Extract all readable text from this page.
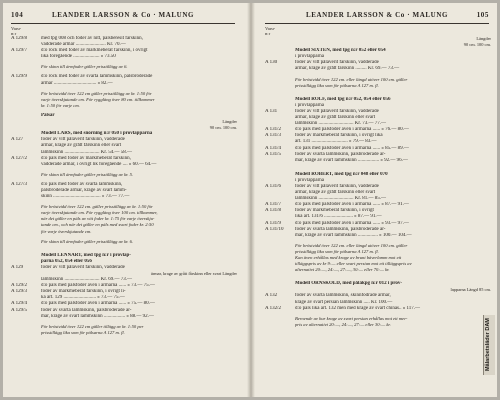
104	LEANDER LARSSON & Co · MALUNG
Varu-
n:r
A 129/8	med tpg 008 och foder av nitt, pälsberesit färskinn,
vadderade ärmar ........................ Kr. 70.—
A 129/7	d:o rock med foder av märkmeberat färskinn, i övrigt
lika föregående ..................... » 73.50
För skinn till ärmfoder gäller prisstillägg av 6.
A 129/9	d:o rock med foder av svarta lammskinn, pälsbroderade
ärmar .................................. » 82.—
För bröstvidd över 122 cm gäller prisstillägg av kr. 1:50 för
varje överskjutande cm. För ryggläng över 80 cm. tillkommer
kr. 1:50 för varje cm.
Pälsar
Längder
90 cm. 100 cm.
Modell LARS, med snörning n:r 050 i provlapparna
A 127	foder av vitt påläverit färskinn, vadderade
ärmar, krage av grått fårskinn eller svart
lammskinn ............................ Kr. 54.— 58.—
A 127/2	d:o päls med foder av märkmeberat färskinn,
vadderade ärmar, i övrigt lik föregående .... » 60.— 64.—
För skinn till ärmfoder gäller prisstillägg av kr. 5.
A 127/3	d:o päls med foder av svarta lammskinn,
pälsbroderade ärmar, krage av svart lamm-
skinn ...................................... » 73.— 77.—
För bröstvidd över 122 cm. gäller prisstillägg av kr. 1:50 för
varje överskjutande cm. För ryggläng över 100 cm. tillkommer,
när det gäller en päls av vitt foder kr. 1:75 för varje överskju-
tande cm., och när det gäller en päls med svart foder kr. 2:50
för varje överskjutande cm.
För skinn till ärmfoder gäller prisstillägg av kr. 6.
Modell LENNART, med tpg n:r i provlap-
parna 052, 054 eller 056
A 129	foder av vitt påläverit färskinn, vadderade
ärmar, krage av grått fårskinn eller svart Längder
lammskinn ............................ Kr. 69.— 73.—
A 129/2	d:o päls med pälsfoder även i ärmarna ...... » 73.— 75.—
A 129/3	foder av märkmeberat färskinn, i övrigt li-
ka art. 129 .......................... » 73.— 75.—
A 129/4	d:o päls med pälsfoder även i ärmarna ...... » 75.— 80.—
A 129/5	foder av svarta lammskinn, pälsbroderade är-
mar, krage av svart lammskinn ................. » 88.— 92.—
För bröstvidd över 122 cm gäller tillägg av kr. 1:50 per
prisstillägg lika som för pälsarna A 127 m. fl.
LEANDER LARSSON & Co · MALUNG	105
Varu-
n:r
Längder
90 cm. 100 cm.
Modell SIXTEN, med tpg n:r 052 eller 054
i provlapparna
A 130	foder av vitt påläverit färskinn, vadderade
ärmar, krage av grått färskinn ......... Kr. 69.— 73.—
För bröstvidd över 122 cm. eller längd utöver 100 cm. gäller
prisstillägg lika som för pälsarna A 127 m. fl.
Modell ROLF, med tpg n:r 052, 054 eller 056
i provlapparna
A 131	foder av vitt påläverit färskinn, vadderade
ärmar, krage av grått färskinn eller svart
lammskinn ............................ Kr. 73.— 77.—
A 131/2	d:o päls med pälsfoder även i ärmarna ...... » 76.— 80.—
A 131/3	foder av märkmeberat färskinn, i övrigt lika
art. 131 ............................. » 79.— 83.—
A 131/4	d:o päls med pälsfoder även i ärmarna ...... » 85.— 89.—
A 131/5	foder av svarta lammskinn, pälsbroderade är-
mar, krage av svart lammskinn ................. » 92.— 96.—
Modell ROBERT, med tpg n:r 048 eller 070
i provlapparna
A 131/6	foder av vitt påläverit färskinn, vadderade
ärmar, krage av grått färskinn eller svart
lammskinn ............................ Kr. 81.— 85.—
A 131/7	d:o päls med pälsfoder även i ärmarna ...... » 87.— 91.—
A 131/8	foder av märkmeberat färskinn, i övrigt
lika art. 131/6 ....................... » 87.— 91.—
A 131/9	d:o päls med pälsfoder även i ärmarna ...... » 93.— 97.—
A 131/10	foder av svarta lammskinn, pälsbroderade är-
mar, krage av svart lammskinn ................ » 100.— 104.—
För bröstvidd över 122 cm. eller längd utöver 100 cm. gäller
prisstillägg lika som för pälsarna A 127 m. fl.
Kan även erhållas med krage av brunt bäverlamm mot ett
tilläggspris av kr 9:— eller svart persian mot ett tilläggspris av
alternativt 20:—, 24:—, 27:—, 30:— eller 70:— kr.
Modell ÖRNSKÖLD, med påläkpg n:r 012 i prov-
lapparna Längd 85 cm.
A 132	foder av svarta lammskinn, skinnfodrade ärmar,
krage av svart persian lammskinn ..... Kr. 100.—
A 132/2	d:o päls lika art. 132 men med krage av svart chinas.. » 117.—
Beroende av hur krage av svart persian erhållas mot ett mer-
pris av alternativt 20:—, 24:—, 27:— eller 30:— kr.	Målarbetsläder DAM
